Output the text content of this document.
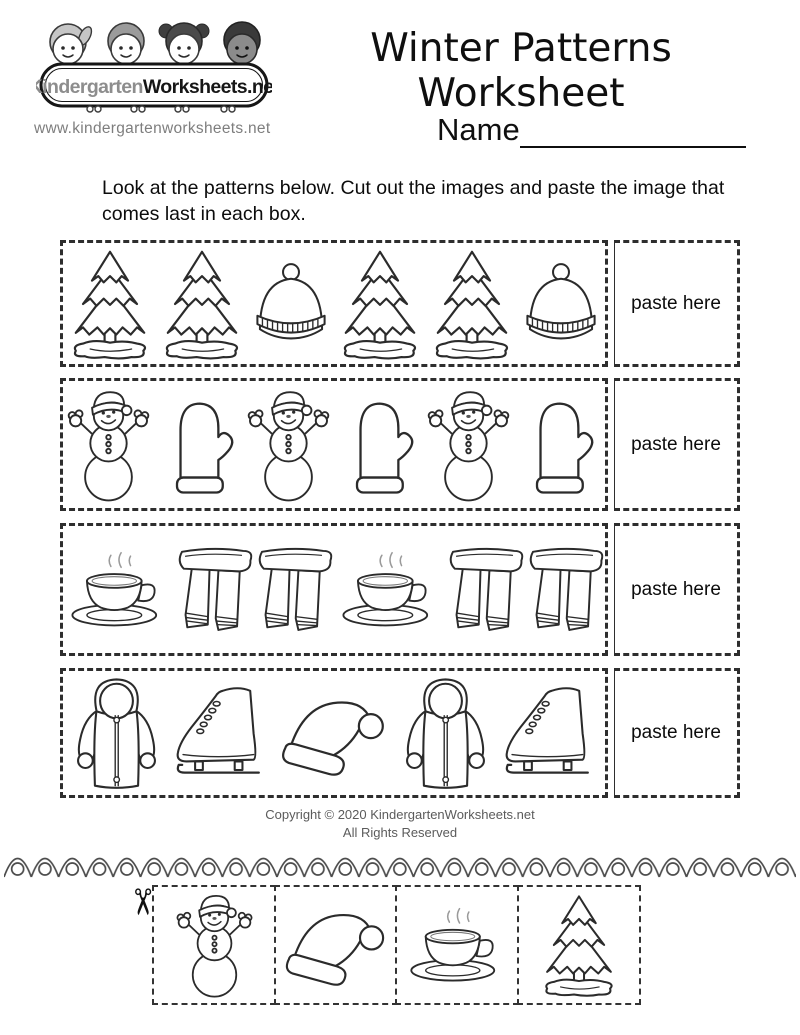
KindergartenWorksheets.net
www.kindergartenworksheets.net
Winter Patterns Worksheet
Name

Look at the patterns below. Cut out the images and paste the image that comes last in each box.

paste here
paste here
paste here
paste here
Copyright © 2020 KindergartenWorksheets.net
All Rights Reserved
✂
